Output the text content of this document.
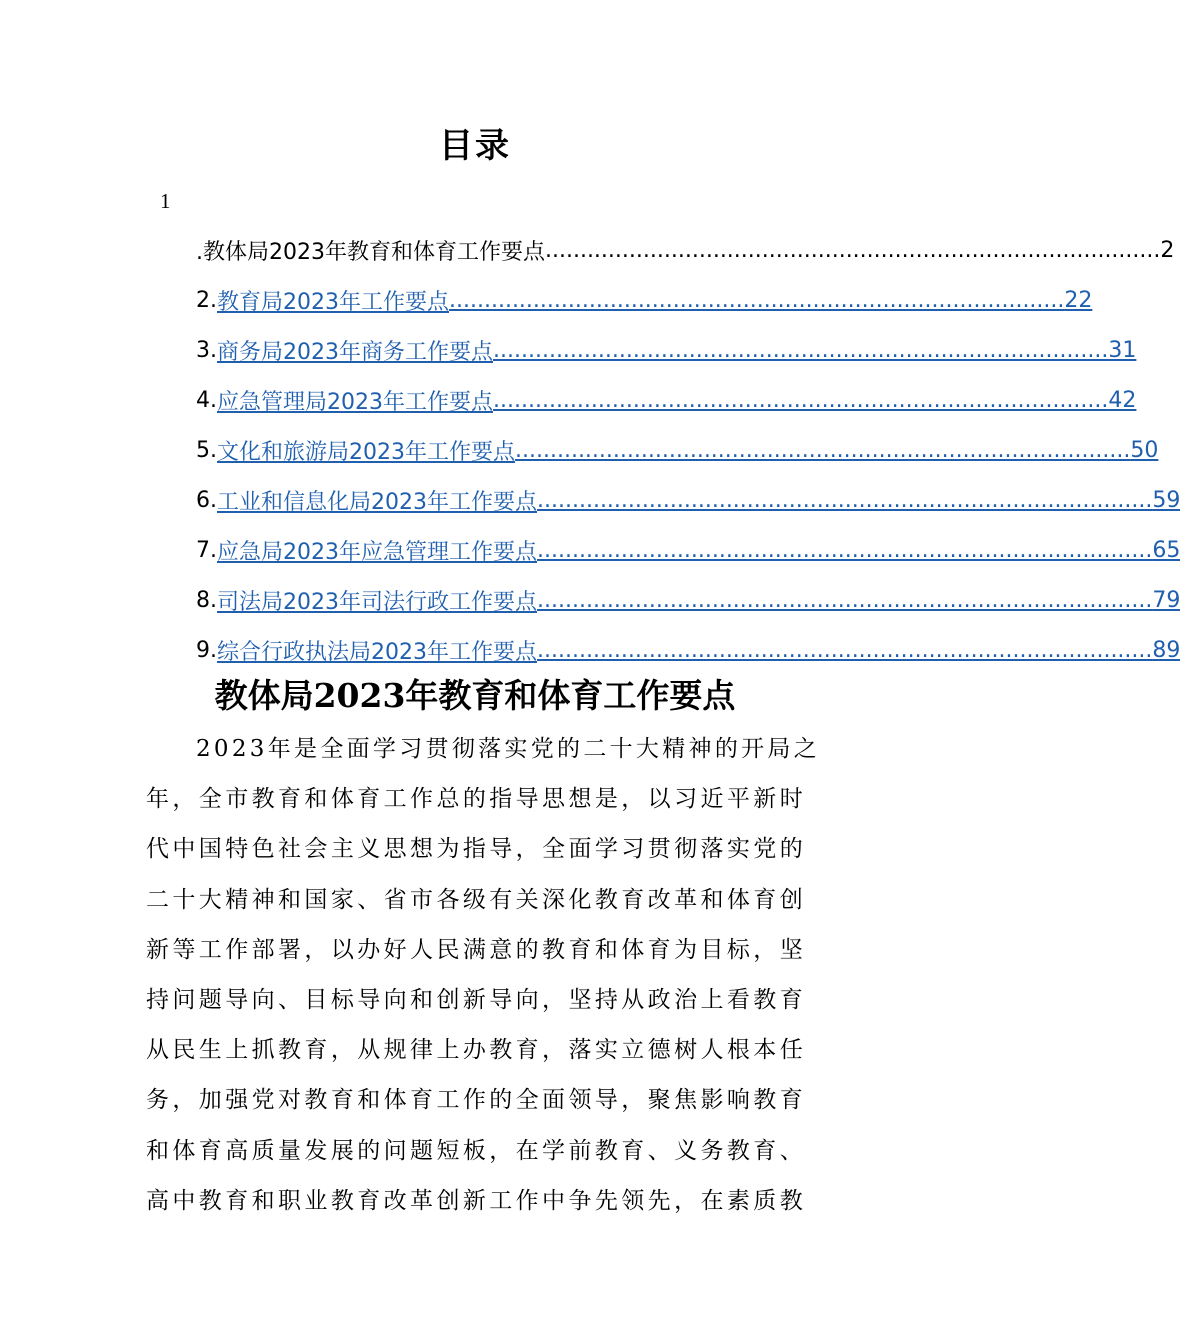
目录
1
.教体局2023年教育和体育工作要点 ........................................................................................ 2
2. 教育局2023年工作要点 ........................................................................................ 22
3. 商务局2023年商务工作要点 ........................................................................................ 31
4. 应急管理局2023年工作要点 ........................................................................................ 42
5. 文化和旅游局2023年工作要点 ........................................................................................ 50
6. 工业和信息化局2023年工作要点 ........................................................................................ 59
7. 应急局2023年应急管理工作要点 ........................................................................................ 65
8. 司法局2023年司法行政工作要点 ........................................................................................ 79
9. 综合行政执法局2023年工作要点 ........................................................................................ 89
教体局2023年教育和体育工作要点
2023年是全面学习贯彻落实党的二十大精神的开局之
年，全市教育和体育工作总的指导思想是，以习近平新时
代中国特色社会主义思想为指导，全面学习贯彻落实党的
二十大精神和国家、省市各级有关深化教育改革和体育创
新等工作部署，以办好人民满意的教育和体育为目标，坚
持问题导向、目标导向和创新导向，坚持从政治上看教育
从民生上抓教育，从规律上办教育，落实立德树人根本任
务，加强党对教育和体育工作的全面领导，聚焦影响教育
和体育高质量发展的问题短板，在学前教育、义务教育、
高中教育和职业教育改革创新工作中争先领先，在素质教
